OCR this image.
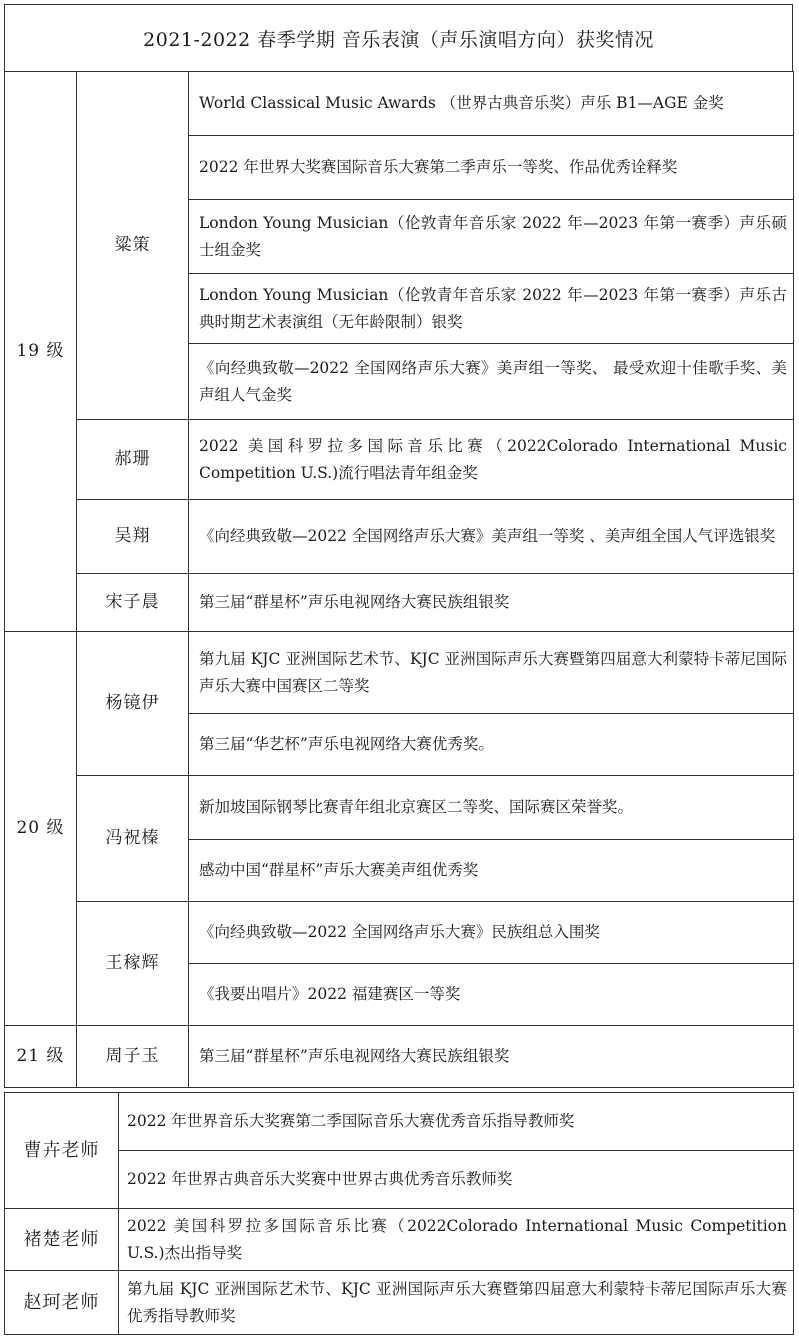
2021-2022 春季学期 音乐表演（声乐演唱方向）获奖情况
19 级	粱策	World Classical Music Awards （世界古典音乐奖）声乐 B1—AGE 金奖
		2022 年世界大奖赛国际音乐大赛第二季声乐一等奖、作品优秀诠释奖
		London Young Musician（伦敦青年音乐家 2022 年—2023 年第一赛季）声乐硕士组金奖
		London Young Musician（伦敦青年音乐家 2022 年—2023 年第一赛季）声乐古典时期艺术表演组（无年龄限制）银奖
		《向经典致敬—2022 全国网络声乐大赛》美声组一等奖、 最受欢迎十佳歌手奖、美声组人气金奖
	郝珊	2022 美国科罗拉多国际音乐比赛（2022Colorado International Music Competition U.S.)流行唱法青年组金奖
	吴翔	《向经典致敬—2022 全国网络声乐大赛》美声组一等奖 、美声组全国人气评选银奖
	宋子晨	第三届“群星杯”声乐电视网络大赛民族组银奖
20 级	杨镜伊	第九届 KJC 亚洲国际艺术节、KJC 亚洲国际声乐大赛暨第四届意大利蒙特卡蒂尼国际声乐大赛中国赛区二等奖
		第三届“华艺杯”声乐电视网络大赛优秀奖。
	冯祝榛	新加坡国际钢琴比赛青年组北京赛区二等奖、国际赛区荣誉奖。
		感动中国“群星杯”声乐大赛美声组优秀奖
	王稼辉	《向经典致敬—2022 全国网络声乐大赛》民族组总入围奖
		《我要出唱片》2022 福建赛区一等奖
21 级	周子玉	第三届“群星杯”声乐电视网络大赛民族组银奖
曹卉老师	2022 年世界音乐大奖赛第二季国际音乐大赛优秀音乐指导教师奖
	2022 年世界古典音乐大奖赛中世界古典优秀音乐教师奖
褚楚老师	2022 美国科罗拉多国际音乐比赛（2022Colorado International Music Competition U.S.)杰出指导奖
赵珂老师	第九届 KJC 亚洲国际艺术节、KJC 亚洲国际声乐大赛暨第四届意大利蒙特卡蒂尼国际声乐大赛优秀指导教师奖
